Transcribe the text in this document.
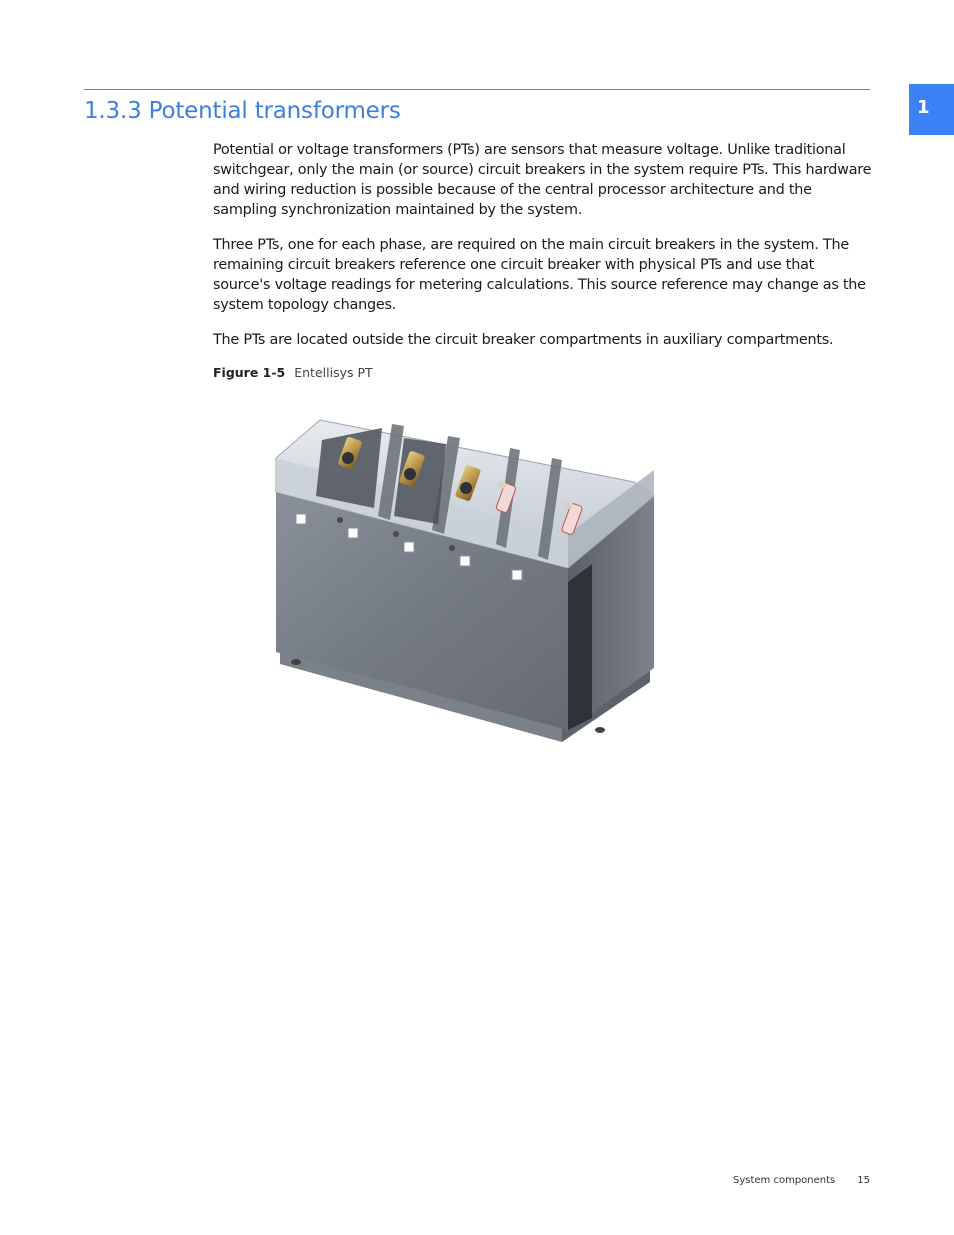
1.3.3 Potential transformers	1

Potential or voltage transformers (PTs) are sensors that measure voltage. Unlike traditional switchgear, only the main (or source) circuit breakers in the system require PTs. This hardware and wiring reduction is possible because of the central processor architecture and the sampling synchronization maintained by the system.

Three PTs, one for each phase, are required on the main circuit breakers in the system. The remaining circuit breakers reference one circuit breaker with physical PTs and use that source's voltage readings for metering calculations. This source reference may change as the system topology changes.

The PTs are located outside the circuit breaker compartments in auxiliary compartments.

Figure 1-5 Entellisys PT
System components 15
